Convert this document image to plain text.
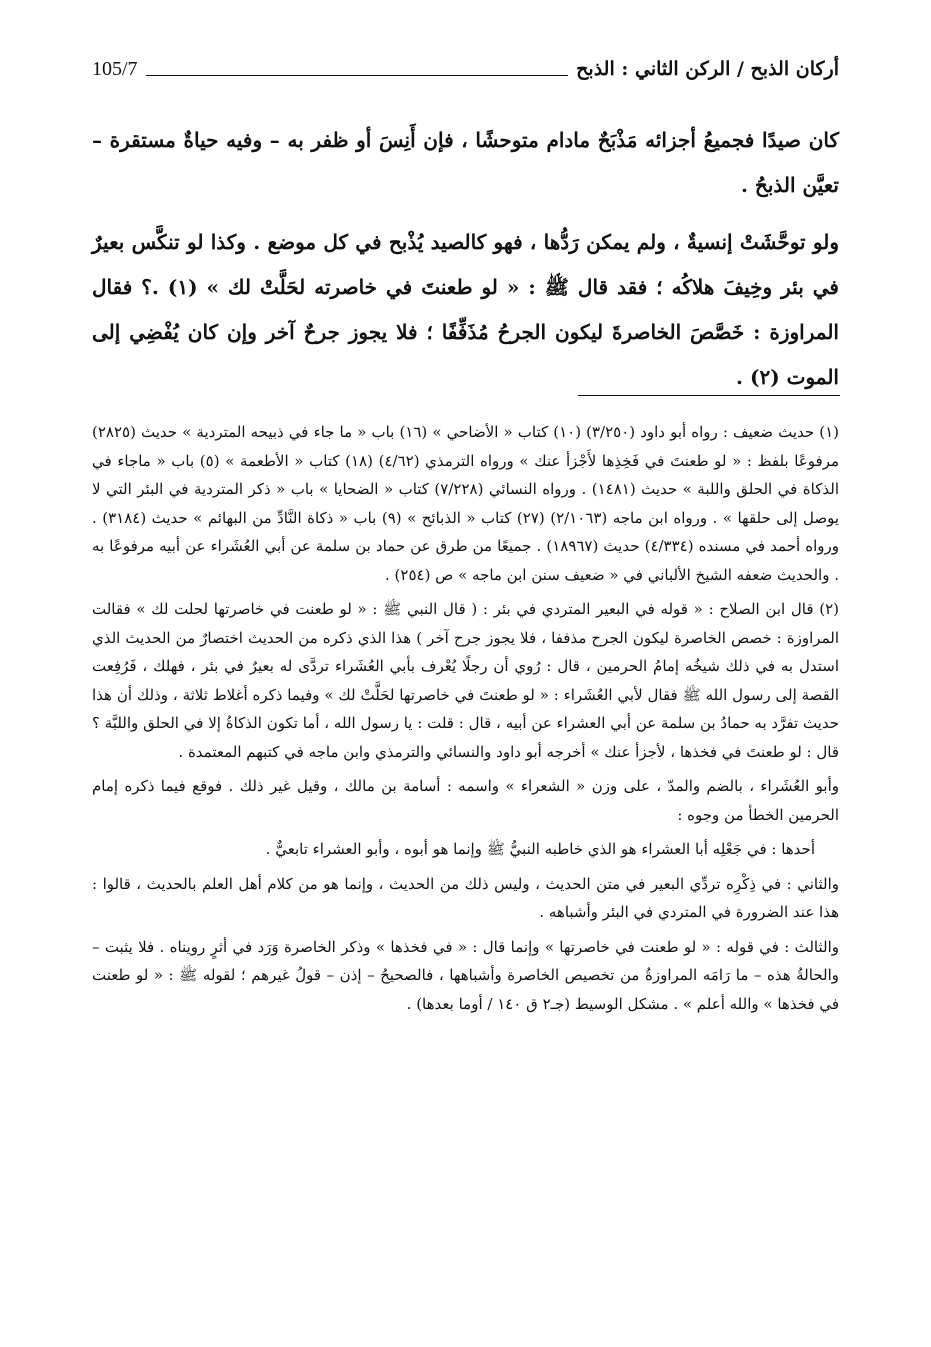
105/7	أركان الذبح / الركن الثاني : الذبح

كان صيدًا فجميعُ أجزائه مَذْبَحٌ مادام متوحشًا ، فإن أَنِسَ أو ظفر به – وفيه حياةٌ مستقرة – تعيَّن الذبحُ .

ولو توحَّشَتْ إنسيةٌ ، ولم يمكن رَدُّها ، فهو كالصيد يُذْبح في كل موضع . وكذا لو تنكَّس بعيرٌ في بئر وخِيفَ هلاكُه ؛ فقد قال ﷺ : « لو طعنتَ في خاصرته لحَلَّتْ لك » (١) .؟ فقال المراوزة : خَصَّصَ الخاصرةَ ليكون الجرحُ مُذَفِّفًا ؛ فلا يجوز جرحٌ آخر وإن كان يُفْضِي إلى الموت (٢) .

(١) حديث ضعيف : رواه أبو داود (٣/٢٥٠) (١٠) كتاب « الأضاحي » (١٦) باب « ما جاء في ذبيحه المتردية » حديث (٢٨٢٥) مرفوعًا بلفظ : « لو طعنتَ في فَخِذِها لأَجْزأ عنك » ورواه الترمذي (٤/٦٢) (١٨) كتاب « الأطعمة » (٥) باب « ماجاء في الذكاة في الحلق واللبة » حديث (١٤٨١) . ورواه النسائي (٧/٢٢٨) كتاب « الضحايا » باب « ذكر المتردية في البئر التي لا يوصل إلى حلقها » . ورواه ابن ماجه (٢/١٠٦٣) (٢٧) كتاب « الذبائح » (٩) باب « ذكاة النَّادِّ من البهائم » حديث (٣١٨٤) . ورواه أحمد في مسنده (٤/٣٣٤) حديث (١٨٩٦٧) . جميعًا من طرق عن حماد بن سلمة عن أبي العُشَراء عن أبيه مرفوعًا به . والحديث ضعفه الشيخ الألباني في « ضعيف سنن ابن ماجه » ص (٢٥٤) .

(٢) قال ابن الصلاح : « قوله في البعير المتردي في بئر : ( قال النبي ﷺ : « لو طعنت في خاصرتها لحلت لك » فقالت المراوزة : خصص الخاصرة ليكون الجرح مذففا ، فلا يجوز جرح آخر ) هذا الذي ذكره من الحديث اختصارٌ من الحديث الذي استدل به في ذلك شيخُه إمامُ الحرمين ، قال : رُوي أن رجلًا يُعْرف بأبي العُشَراء تردَّى له بعيرٌ في بئر ، فهلك ، فَرُفِعت القصة إلى رسول الله ﷺ فقال لأبي العُشَراء : « لو طعنتَ في خاصرتها لحَلَّتْ لك » وفيما ذكره أغلاط ثلاثة ، وذلك أن هذا حديث تفرَّد به حمادُ بن سلمة عن أبي العشراء عن أبيه ، قال : قلت : يا رسول الله ، أما تكون الذكاةُ إلا في الحلق واللبَّة ؟ قال : لو طعنتَ في فخذها ، لأجزأ عنك » أخرجه أبو داود والنسائي والترمذي وابن ماجه في كتبهم المعتمدة .

وأبو العُشَراء ، بالضم والمدّ ، على وزن « الشعراء » واسمه : أسامة بن مالك ، وقيل غير ذلك . فوقع فيما ذكره إمام الحرمين الخطأ من وجوه :

أحدها : في جَعْلِه أبا العشراء هو الذي خاطبه النبيُّ ﷺ وإنما هو أبوه ، وأبو العشراء تابعيٌّ .

والثاني : في ذِكْرِه تردِّي البعير في متن الحديث ، وليس ذلك من الحديث ، وإنما هو من كلام أهل العلم بالحديث ، قالوا : هذا عند الضرورة في المتردي في البئر وأشباهه .

والثالث : في قوله : « لو طعنت في خاصرتها » وإنما قال : « في فخذها » وذكر الخاصرة وَرَد في أثرٍ رويناه . فلا يثبت – والحالةُ هذه – ما رَامَه المراوزةُ من تخصيص الخاصرة وأشباهها ، فالصحيحُ – إذن – قولُ غيرهم ؛ لقوله ﷺ : « لو طعنت في فخذها » والله أعلم » . مشكل الوسيط (جـ٢ ق ١٤٠ / أوما بعدها) .
